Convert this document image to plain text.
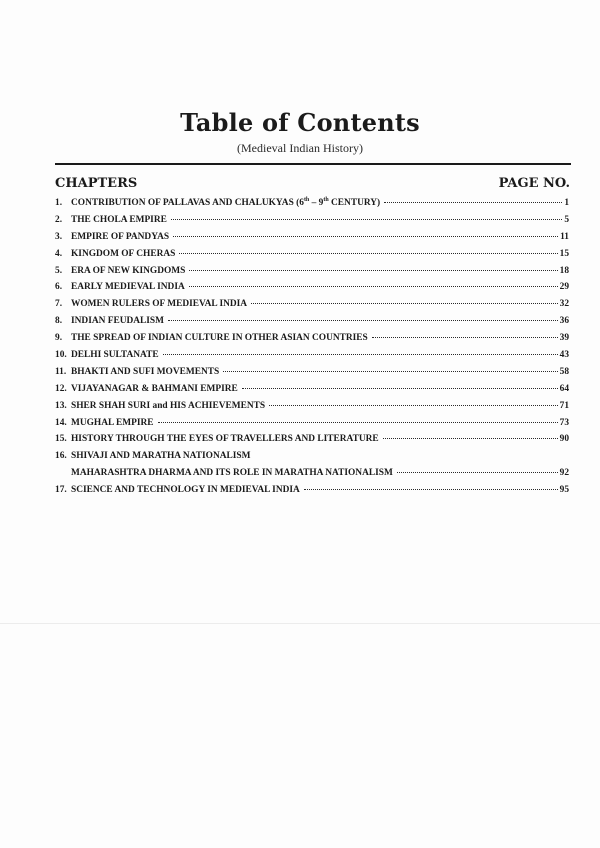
Table of Contents
(Medieval Indian History)
CHAPTERS	PAGE NO.
1. CONTRIBUTION OF PALLAVAS AND CHALUKYAS (6th – 9th CENTURY)	1
2. THE CHOLA EMPIRE	5
3. EMPIRE OF PANDYAS	11
4. KINGDOM OF CHERAS	15
5. ERA OF NEW KINGDOMS	18
6. EARLY MEDIEVAL INDIA	29
7. WOMEN RULERS OF MEDIEVAL INDIA	32
8. INDIAN FEUDALISM	36
9. THE SPREAD OF INDIAN CULTURE IN OTHER ASIAN COUNTRIES	39
10. DELHI SULTANATE	43
11. BHAKTI AND SUFI MOVEMENTS	58
12. VIJAYANAGAR & BAHMANI EMPIRE	64
13. SHER SHAH SURI and HIS ACHIEVEMENTS	71
14. MUGHAL EMPIRE	73
15. HISTORY THROUGH THE EYES OF TRAVELLERS AND LITERATURE	90
16. SHIVAJI AND MARATHA NATIONALISM
MAHARASHTRA DHARMA AND ITS ROLE IN MARATHA NATIONALISM	92
17. SCIENCE AND TECHNOLOGY IN MEDIEVAL INDIA	95
